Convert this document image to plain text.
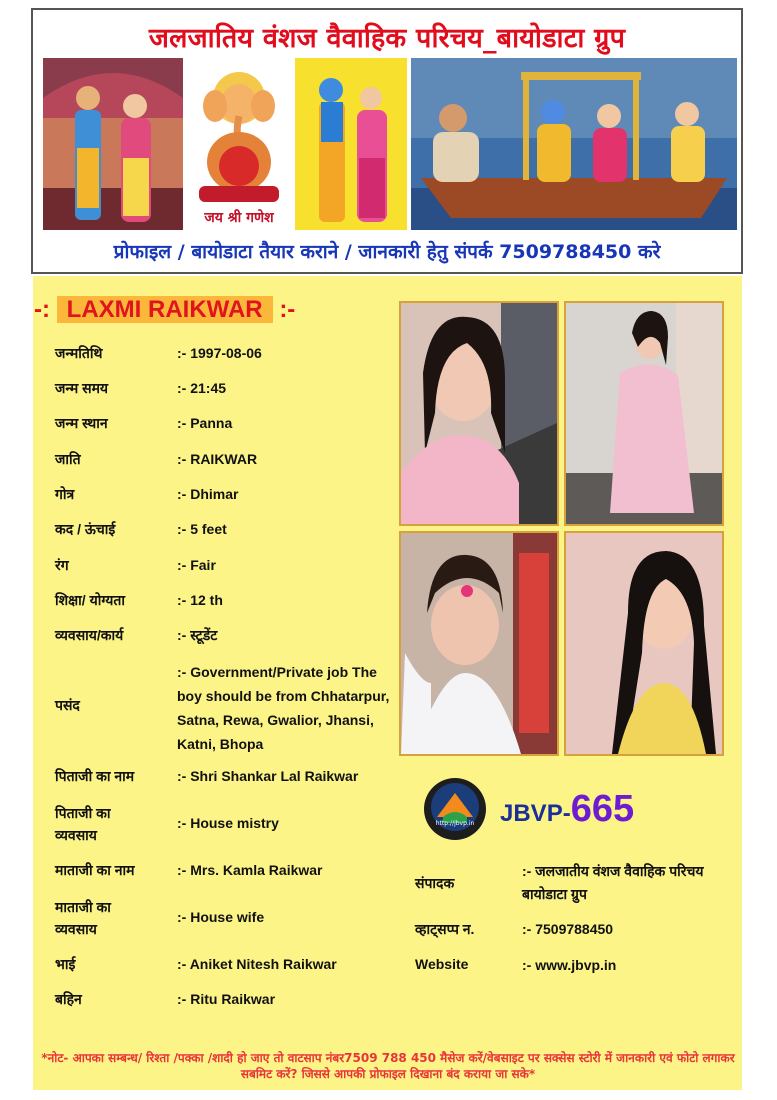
जलजातिय वंशज वैवाहिक परिचय_बायोडाटा ग्रुप
जय श्री गणेश
प्रोफाइल / बायोडाटा तैयार कराने / जानकारी हेतु संपर्क 7509788450 करे
-: LAXMI RAIKWAR :-
जन्मतिथि	:- 1997-08-06
जन्म समय	:- 21:45
जन्म स्थान	:- Panna
जाति	:- RAIKWAR
गोत्र	:- Dhimar
कद / ऊंचाई	:- 5 feet
रंग	:- Fair
शिक्षा/ योग्यता	:- 12 th
व्यवसाय/कार्य	:- स्टूडेंट
पसंद
:- Government/Private job The boy should be from Chhatarpur, Satna, Rewa, Gwalior, Jhansi, Katni, Bhopa
पिताजी का नाम	:- Shri Shankar Lal Raikwar
पिताजी का व्यवसाय
:- House mistry
माताजी का नाम	:- Mrs. Kamla Raikwar
माताजी का व्यवसाय
:- House wife
भाई	:- Aniket Nitesh Raikwar
बहिन	:- Ritu Raikwar
http://jbvp.in	JBVP-665
संपादक
:- जलजातीय वंशज वैवाहिक परिचय बायोडाटा ग्रुप
व्हाट्सप्प न.	:- 7509788450
Website	:- www.jbvp.in
*नोट- आपका सम्बन्ध/ रिश्ता /पक्का /शादी हो जाए तो वाटसाप नंबर7509 788 450 मैसेज करें/वेबसाइट पर सक्सेस स्टोरी में जानकारी एवं फोटो लगाकर सबमिट करें? जिससे आपकी प्रोफाइल दिखाना बंद कराया जा सके*
